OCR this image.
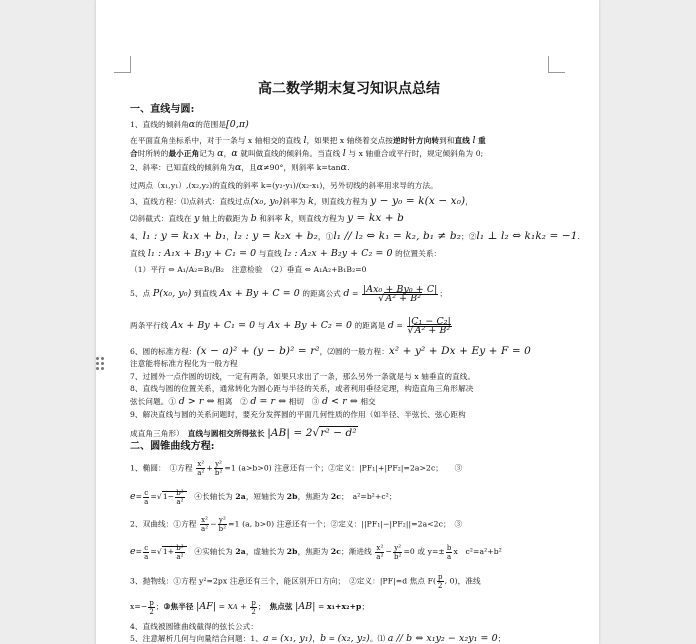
高二数学期末复习知识点总结
一、直线与圆:
1、直线的倾斜角α的范围是[0,π)
在平面直角坐标系中，对于一条与 x 轴相交的直线 l，如果把 x 轴绕着交点按逆时针方向转到和直线 l 重
合时所转的最小正角记为 α，α 就叫做直线的倾斜角。当直线 l 与 x 轴重合或平行时，规定倾斜角为 0;
2、斜率：已知直线的倾斜角为α，且α≠90°，则斜率 k=tanα.
过两点（x₁,y₁）,(x₂,y₂)的直线的斜率 k=(y₂-y₁)/(x₂-x₁)，另外切线的斜率用求导的方法。
3、直线方程：⑴点斜式：直线过点(x₀, y₀)斜率为 k，则直线方程为 y − y₀ = k(x − x₀)，
⑵斜截式：直线在 y 轴上的截距为 b 和斜率 k，则直线方程为 y = kx + b
4、l₁ : y = k₁x + b₁，l₂ : y = k₂x + b₂，①l₁ // l₂ ⇔ k₁ = k₂, b₁ ≠ b₂；②l₁ ⊥ l₂ ⇔ k₁k₂ = −1.
直线 l₁ : A₁x + B₁y + C₁ = 0 与直线 l₂ : A₂x + B₂y + C₂ = 0 的位置关系：
（1）平行 ⇔ A₁/A₂=B₁/B₂　注意检验　（2）垂直 ⇔ A₁A₂+B₁B₂=0
5、点 P(x₀, y₀) 到直线 Ax + By + C = 0 的距离公式 $d = \frac{\text{|Ax₀ + By₀ + C|}}{\text{√A² + B²}}$ ；
两条平行线 Ax + By + C₁ = 0 与 Ax + By + C₂ = 0 的距离是 $d = \frac{\text{|C₁ − C₂|}}{\text{√A² + B²}}$
6、圆的标准方程：(x − a)² + (y − b)² = r²，⑵圆的一般方程：x² + y² + Dx + Ey + F = 0
注意能将标准方程化为一般方程
7、过圆外一点作圆的切线，一定有两条，如果只求出了一条，那么另外一条就是与 x 轴垂直的直线。
8、直线与圆的位置关系，通常转化为圆心距与半径的关系，或者利用垂径定理，构造直角三角形解决
弦长问题。① d > r ⇔ 相离　② d = r ⇔ 相切　③ d < r ⇔ 相交
9、解决直线与圆的关系问题时，要充分发挥圆的平面几何性质的作用（如半径、半弦长、弦心距构
成直角三角形）　直线与圆相交所得弦长 |AB| = 2√r² − d²
二、圆锥曲线方程:
1、椭圆：　①方程 $\frac{\text{x²}}{\text{a²}} + \frac{\text{y²}}{\text{b²}} =1$ (a>b>0) 注意还有一个；②定义：|PF₁|+|PF₂|=2a>2c；　　③
$e= \frac{c}{a} =√1- \frac{\text{b²}}{\text{a²}}$ 　④长轴长为 2a，短轴长为 2b，焦距为 2c；　a²=b²+c²；
2、双曲线：①方程 $\frac{\text{x²}}{\text{a²}} - \frac{\text{y²}}{\text{b²}} =1$ (a, b>0) 注意还有一个；②定义：||PF₁|−|PF₂||=2a<2c；　③
$e= \frac{c}{a} =√1+ \frac{\text{b²}}{\text{a²}}$ 　④实轴长为 2a，虚轴长为 2b，焦距为 2c；渐进线 $\frac{\text{x²}}{\text{a²}} - \frac{\text{y²}}{\text{b²}} =0$ 或 $y=\pm \frac{b}{a}$ x　c²=a²+b²
3、抛物线：①方程 y²=2px 注意还有三个，能区别开口方向；　②定义：|PF|=d 焦点 $F( \frac{p}{2}$ , 0)，准线
$x=- \frac{p}{2}$ ；③焦半径 |AF| = xA + $\frac{p}{2}$ ；　焦点弦 |AB| = x₁+x₂+p；
4、直线被圆锥曲线截得的弦长公式：
5、注意解析几何与向量结合问题：1、a = (x₁, y₁)，b = (x₂, y₂)。⑴ a // b ⇔ x₁y₂ − x₂y₁ = 0；
